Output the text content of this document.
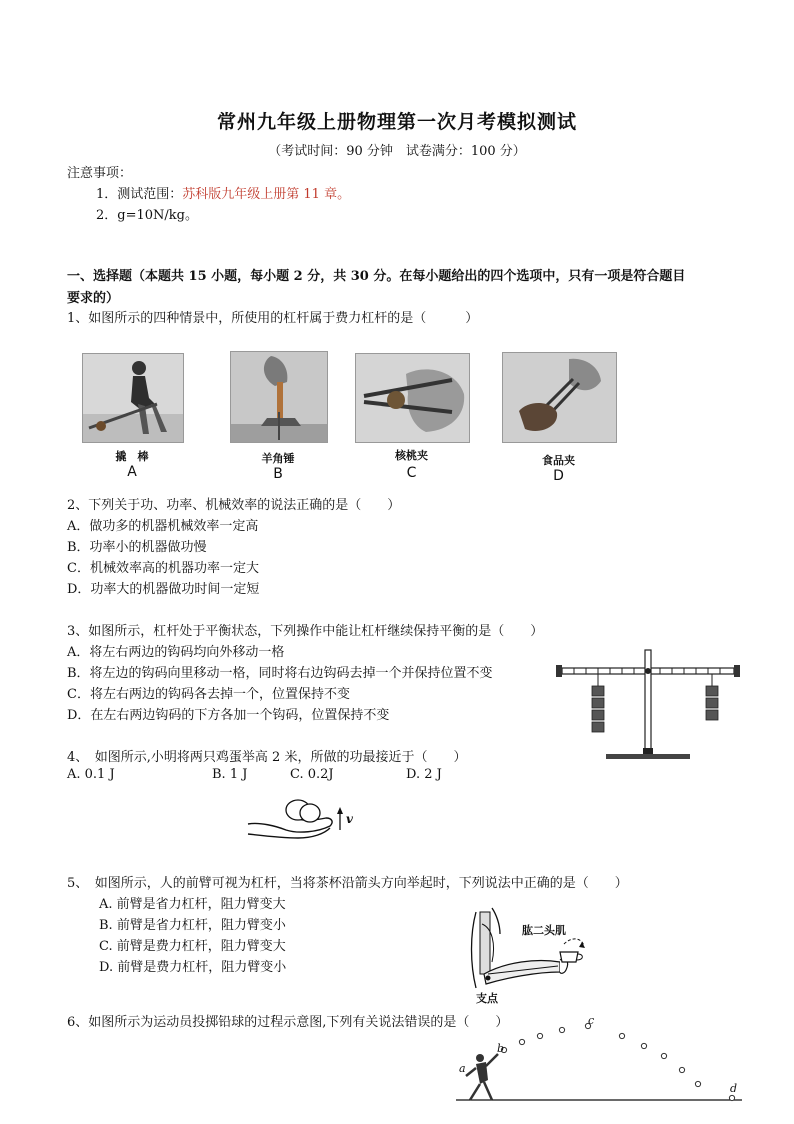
常州九年级上册物理第一次月考模拟测试
（考试时间：90 分钟　试卷满分：100 分）
注意事项：
1．测试范围：苏科版九年级上册第 11 章。
2．g=10N/kg。
一、选择题（本题共 15 小题，每小题 2 分，共 30 分。在每小题给出的四个选项中，只有一项是符合题目
要求的）
1、如图所示的四种情景中，所使用的杠杆属于费力杠杆的是（　　　）
撬　棒
A
羊角锤
B
核桃夹
C
食品夹
D
2、下列关于功、功率、机械效率的说法正确的是（　　）
A．做功多的机器机械效率一定高
B．功率小的机器做功慢
C．机械效率高的机器功率一定大
D．功率大的机器做功时间一定短
3、如图所示，杠杆处于平衡状态，下列操作中能让杠杆继续保持平衡的是（　　）
A．将左右两边的钩码均向外移动一格
B．将左边的钩码向里移动一格，同时将右边钩码去掉一个并保持位置不变
C．将左右两边的钩码各去掉一个，位置保持不变
D．在左右两边钩码的下方各加一个钩码，位置保持不变
4、　如图所示,小明将两只鸡蛋举高 2 米，所做的功最接近于（　　）
A. 0.1 J	B. 1 J	C. 0.2J	D. 2 J
v
5、　如图所示，人的前臂可视为杠杆，当将茶杯沿箭头方向举起时，下列说法中正确的是（　　）
A. 前臂是省力杠杆，阻力臂变大
B. 前臂是省力杠杆，阻力臂变小
C. 前臂是费力杠杆，阻力臂变大
D. 前臂是费力杠杆，阻力臂变小
肱二头肌
支点
6、如图所示为运动员投掷铅球的过程示意图,下列有关说法错误的是（　　）
a
b
c
d
